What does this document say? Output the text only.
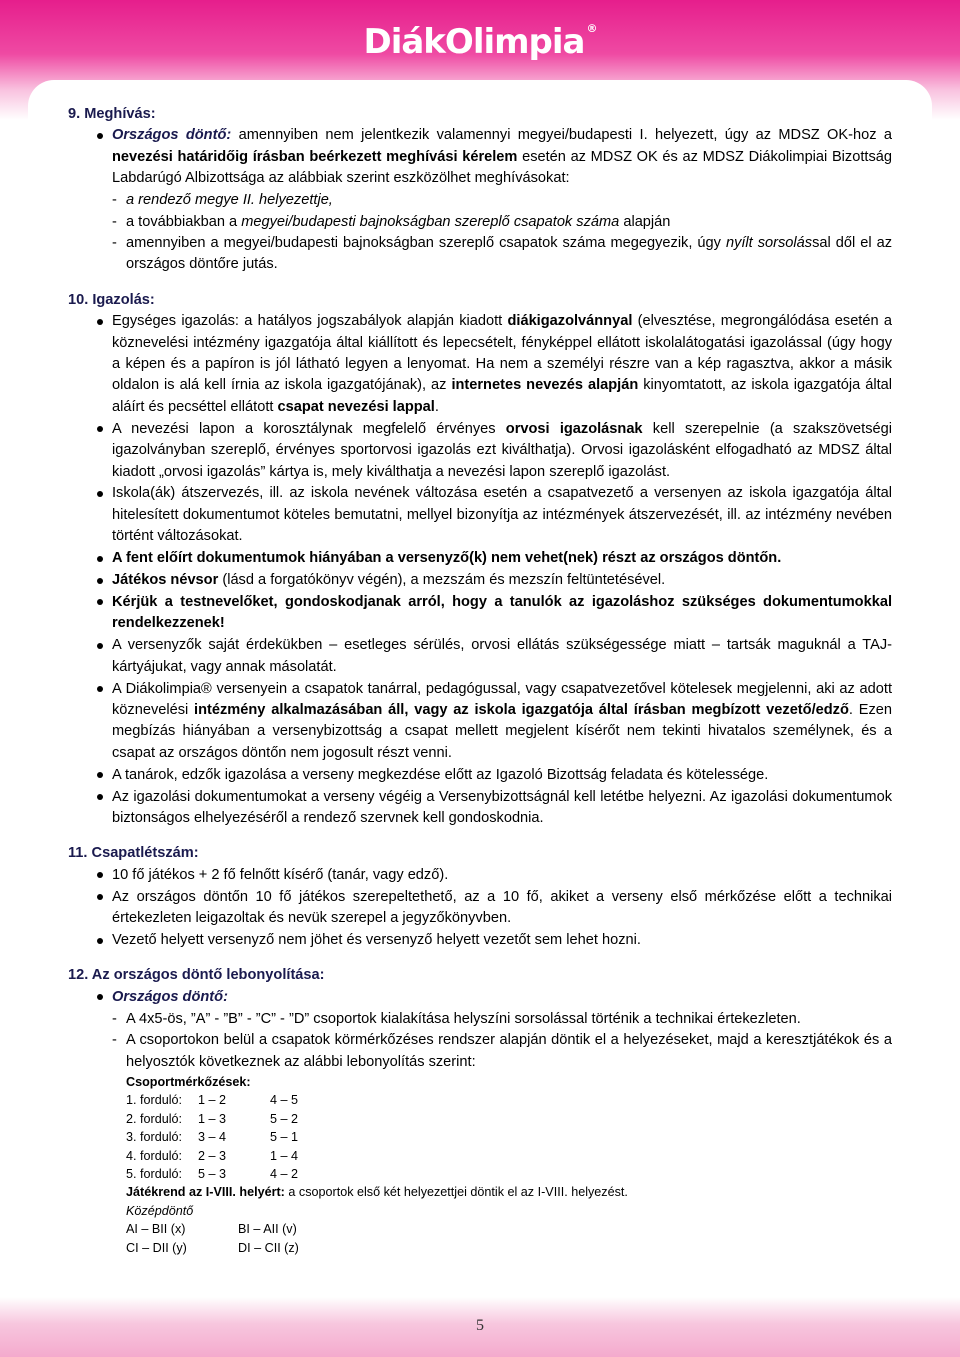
DiákOlimpia ®

9. Meghívás:

Országos döntő: amennyiben nem jelentkezik valamennyi megyei/budapesti I. helyezett, úgy az MDSZ OK-hoz a nevezési határidőig írásban beérkezett meghívási kérelem esetén az MDSZ OK és az MDSZ Diákolimpiai Bizottság Labdarúgó Albizottsága az alábbiak szerint eszközölhet meghívásokat:
- a rendező megye II. helyezettje,
- a továbbiakban a megyei/budapesti bajnokságban szereplő csapatok száma alapján
- amennyiben a megyei/budapesti bajnokságban szereplő csapatok száma megegyezik, úgy nyílt sorsolással dől el az országos döntőre jutás.

10. Igazolás:

Egységes igazolás: a hatályos jogszabályok alapján kiadott diákigazolvánnyal (elvesztése, megrongálódása esetén a köznevelési intézmény igazgatója által kiállított és lepecsételt, fényképpel ellátott iskolalátogatási igazolással (úgy hogy a képen és a papíron is jól látható legyen a lenyomat. Ha nem a személyi részre van a kép ragasztva, akkor a másik oldalon is alá kell írnia az iskola igazgatójának), az internetes nevezés alapján kinyomtatott, az iskola igazgatója által aláírt és pecséttel ellátott csapat nevezési lappal.
A nevezési lapon a korosztálynak megfelelő érvényes orvosi igazolásnak kell szerepelnie (a szakszövetségi igazolványban szereplő, érvényes sportorvosi igazolás ezt kiválthatja). Orvosi igazolásként elfogadható az MDSZ által kiadott „orvosi igazolás” kártya is, mely kiválthatja a nevezési lapon szereplő igazolást.
Iskola(ák) átszervezés, ill. az iskola nevének változása esetén a csapatvezető a versenyen az iskola igazgatója által hitelesített dokumentumot köteles bemutatni, mellyel bizonyítja az intézmények átszervezését, ill. az intézmény nevében történt változásokat.
A fent előírt dokumentumok hiányában a versenyző(k) nem vehet(nek) részt az országos döntőn.
Játékos névsor (lásd a forgatókönyv végén), a mezszám és mezszín feltüntetésével.
Kérjük a testnevelőket, gondoskodjanak arról, hogy a tanulók az igazoláshoz szükséges dokumentumokkal rendelkezzenek!
A versenyzők saját érdekükben – esetleges sérülés, orvosi ellátás szükségessége miatt – tartsák maguknál a TAJ-kártyájukat, vagy annak másolatát.
A Diákolimpia® versenyein a csapatok tanárral, pedagógussal, vagy csapatvezetővel kötelesek megjelenni, aki az adott köznevelési intézmény alkalmazásában áll, vagy az iskola igazgatója által írásban megbízott vezető/edző. Ezen megbízás hiányában a versenybizottság a csapat mellett megjelent kísérőt nem tekinti hivatalos személynek, és a csapat az országos döntőn nem jogosult részt venni.
A tanárok, edzők igazolása a verseny megkezdése előtt az Igazoló Bizottság feladata és kötelessége.
Az igazolási dokumentumokat a verseny végéig a Versenybizottságnál kell letétbe helyezni. Az igazolási dokumentumok biztonságos elhelyezéséről a rendező szervnek kell gondoskodnia.

11. Csapatlétszám:

10 fő játékos + 2 fő felnőtt kísérő (tanár, vagy edző).
Az országos döntőn 10 fő játékos szerepeltethető, az a 10 fő, akiket a verseny első mérkőzése előtt a technikai értekezleten leigazoltak és nevük szerepel a jegyzőkönyvben.
Vezető helyett versenyző nem jöhet és versenyző helyett vezetőt sem lehet hozni.

12. Az országos döntő lebonyolítása:

Országos döntő:
- A 4x5-ös, ”A” - ”B” - ”C” - ”D” csoportok kialakítása helyszíni sorsolással történik a technikai értekezleten.
- A csoportokon belül a csapatok körmérkőzéses rendszer alapján döntik el a helyezéseket, majd a keresztjátékok és a helyosztók következnek az alábbi lebonyolítás szerint:
Csoportmérkőzések:
1. forduló:	1 – 2	4 – 5
2. forduló:	1 – 3	5 – 2
3. forduló:	3 – 4	5 – 1
4. forduló:	2 – 3	1 – 4
5. forduló:	5 – 3	4 – 2
Játékrend az I-VIII. helyért: a csoportok első két helyezettjei döntik el az I-VIII. helyezést.
Középdöntő
AI – BII (x)	BI – AII (v)
CI – DII (y)	DI – CII (z)
5
